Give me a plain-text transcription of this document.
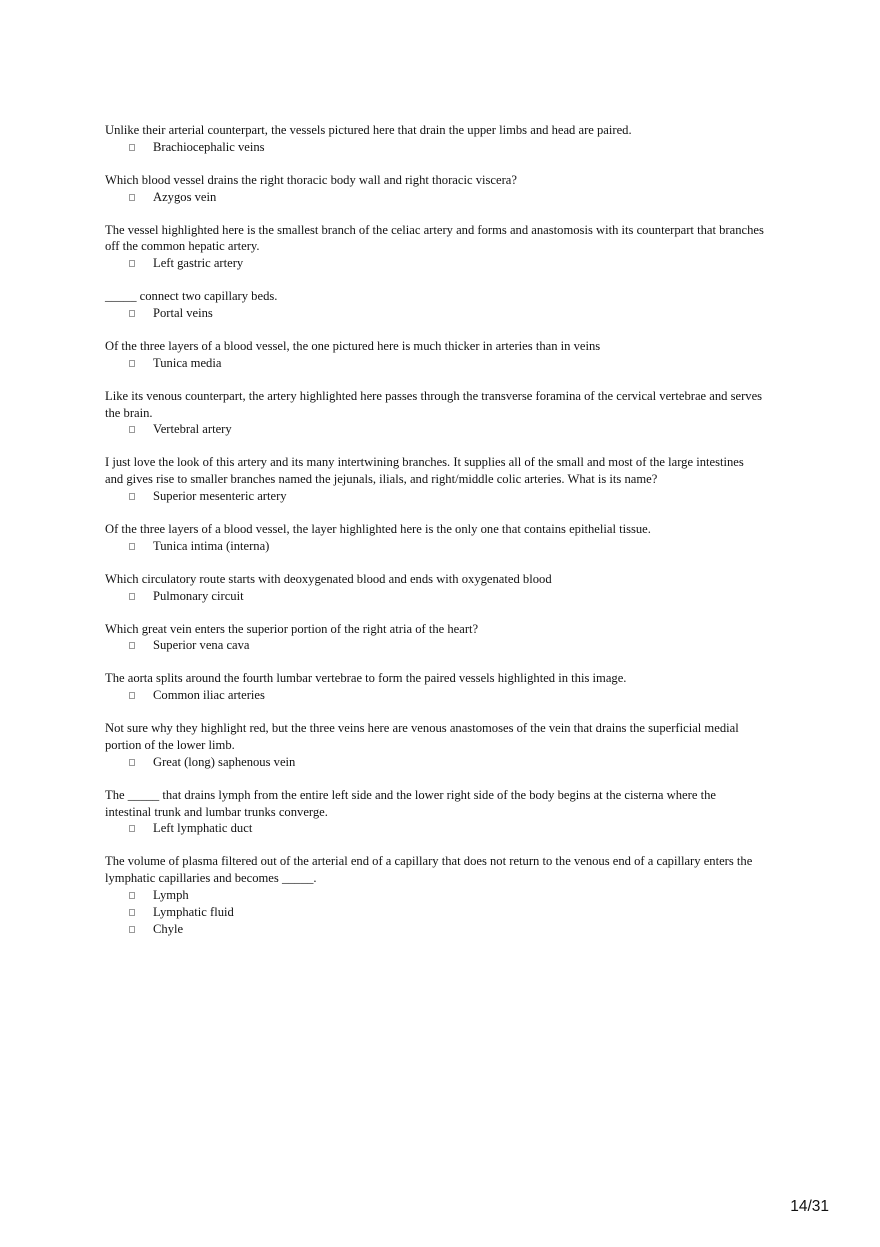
Unlike their arterial counterpart, the vessels pictured here that drain the upper limbs and head are paired.

Brachiocephalic veins

Which blood vessel drains the right thoracic body wall and right thoracic viscera?

Azygos vein

The vessel highlighted here is the smallest branch of the celiac artery and forms and anastomosis with its counterpart that branches off the common hepatic artery.

Left gastric artery

_____ connect two capillary beds.

Portal veins

Of the three layers of a blood vessel, the one pictured here is much thicker in arteries than in veins

Tunica media

Like its venous counterpart, the artery highlighted here passes through the transverse foramina of the cervical vertebrae and serves the brain.

Vertebral artery

I just love the look of this artery and its many intertwining branches. It supplies all of the small and most of the large intestines and gives rise to smaller branches named the jejunals, ilials, and right/middle colic arteries. What is its name?

Superior mesenteric artery

Of the three layers of a blood vessel, the layer highlighted here is the only one that contains epithelial tissue.

Tunica intima (interna)

Which circulatory route starts with deoxygenated blood and ends with oxygenated blood

Pulmonary circuit

Which great vein enters the superior portion of the right atria of the heart?

Superior vena cava

The aorta splits around the fourth lumbar vertebrae to form the paired vessels highlighted in this image.

Common iliac arteries

Not sure why they highlight red, but the three veins here are venous anastomoses of the vein that drains the superficial medial portion of the lower limb.

Great (long) saphenous vein

The _____ that drains lymph from the entire left side and the lower right side of the body begins at the cisterna where the intestinal trunk and lumbar trunks converge.

Left lymphatic duct

The volume of plasma filtered out of the arterial end of a capillary that does not return to the venous end of a capillary enters the lymphatic capillaries and becomes _____.

Lymph
Lymphatic fluid
Chyle
14/31
